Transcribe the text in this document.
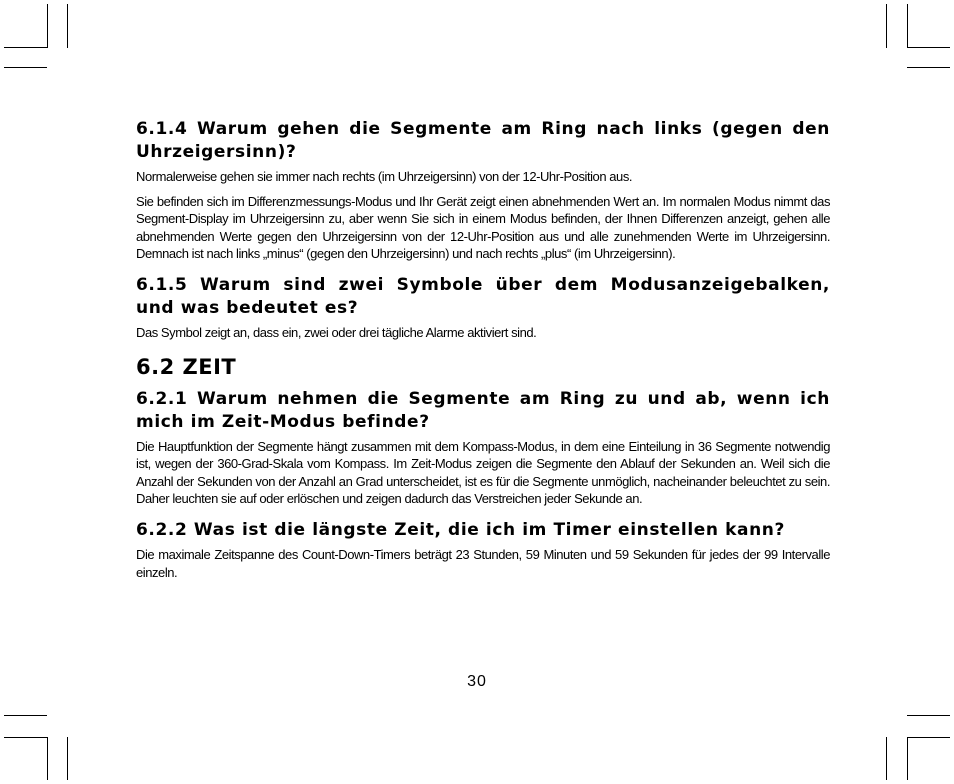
6.1.4 Warum gehen die Segmente am Ring nach links (gegen den Uhrzeigersinn)?

Normalerweise gehen sie immer nach rechts (im Uhrzeigersinn) von der 12-Uhr-Position aus.

Sie befinden sich im Differenzmessungs-Modus und Ihr Gerät zeigt einen abnehmenden Wert an. Im normalen Modus nimmt das Segment-Display im Uhrzeigersinn zu, aber wenn Sie sich in einem Modus befinden, der Ihnen Differenzen anzeigt, gehen alle abnehmenden Werte gegen den Uhrzeigersinn von der 12-Uhr-Position aus und alle zunehmenden Werte im Uhrzeigersinn. Demnach ist nach links „minus“ (gegen den Uhrzeigersinn) und nach rechts „plus“ (im Uhrzeigersinn).

6.1.5 Warum sind zwei Symbole über dem Modusanzeigebalken, und was bedeutet es?

Das Symbol zeigt an, dass ein, zwei oder drei tägliche Alarme aktiviert sind.

6.2 ZEIT
6.2.1 Warum nehmen die Segmente am Ring zu und ab, wenn ich mich im Zeit-Modus befinde?

Die Hauptfunktion der Segmente hängt zusammen mit dem Kompass-Modus, in dem eine Einteilung in 36 Segmente notwendig ist, wegen der 360-Grad-Skala vom Kompass. Im Zeit-Modus zeigen die Segmente den Ablauf der Sekunden an. Weil sich die Anzahl der Sekunden von der Anzahl an Grad unterscheidet, ist es für die Segmente unmöglich, nacheinander beleuchtet zu sein. Daher leuchten sie auf oder erlöschen und zeigen dadurch das Verstreichen jeder Sekunde an.

6.2.2 Was ist die längste Zeit, die ich im Timer einstellen kann?

Die maximale Zeitspanne des Count-Down-Timers beträgt 23 Stunden, 59 Minuten und 59 Sekunden für jedes der 99 Intervalle einzeln.

30
